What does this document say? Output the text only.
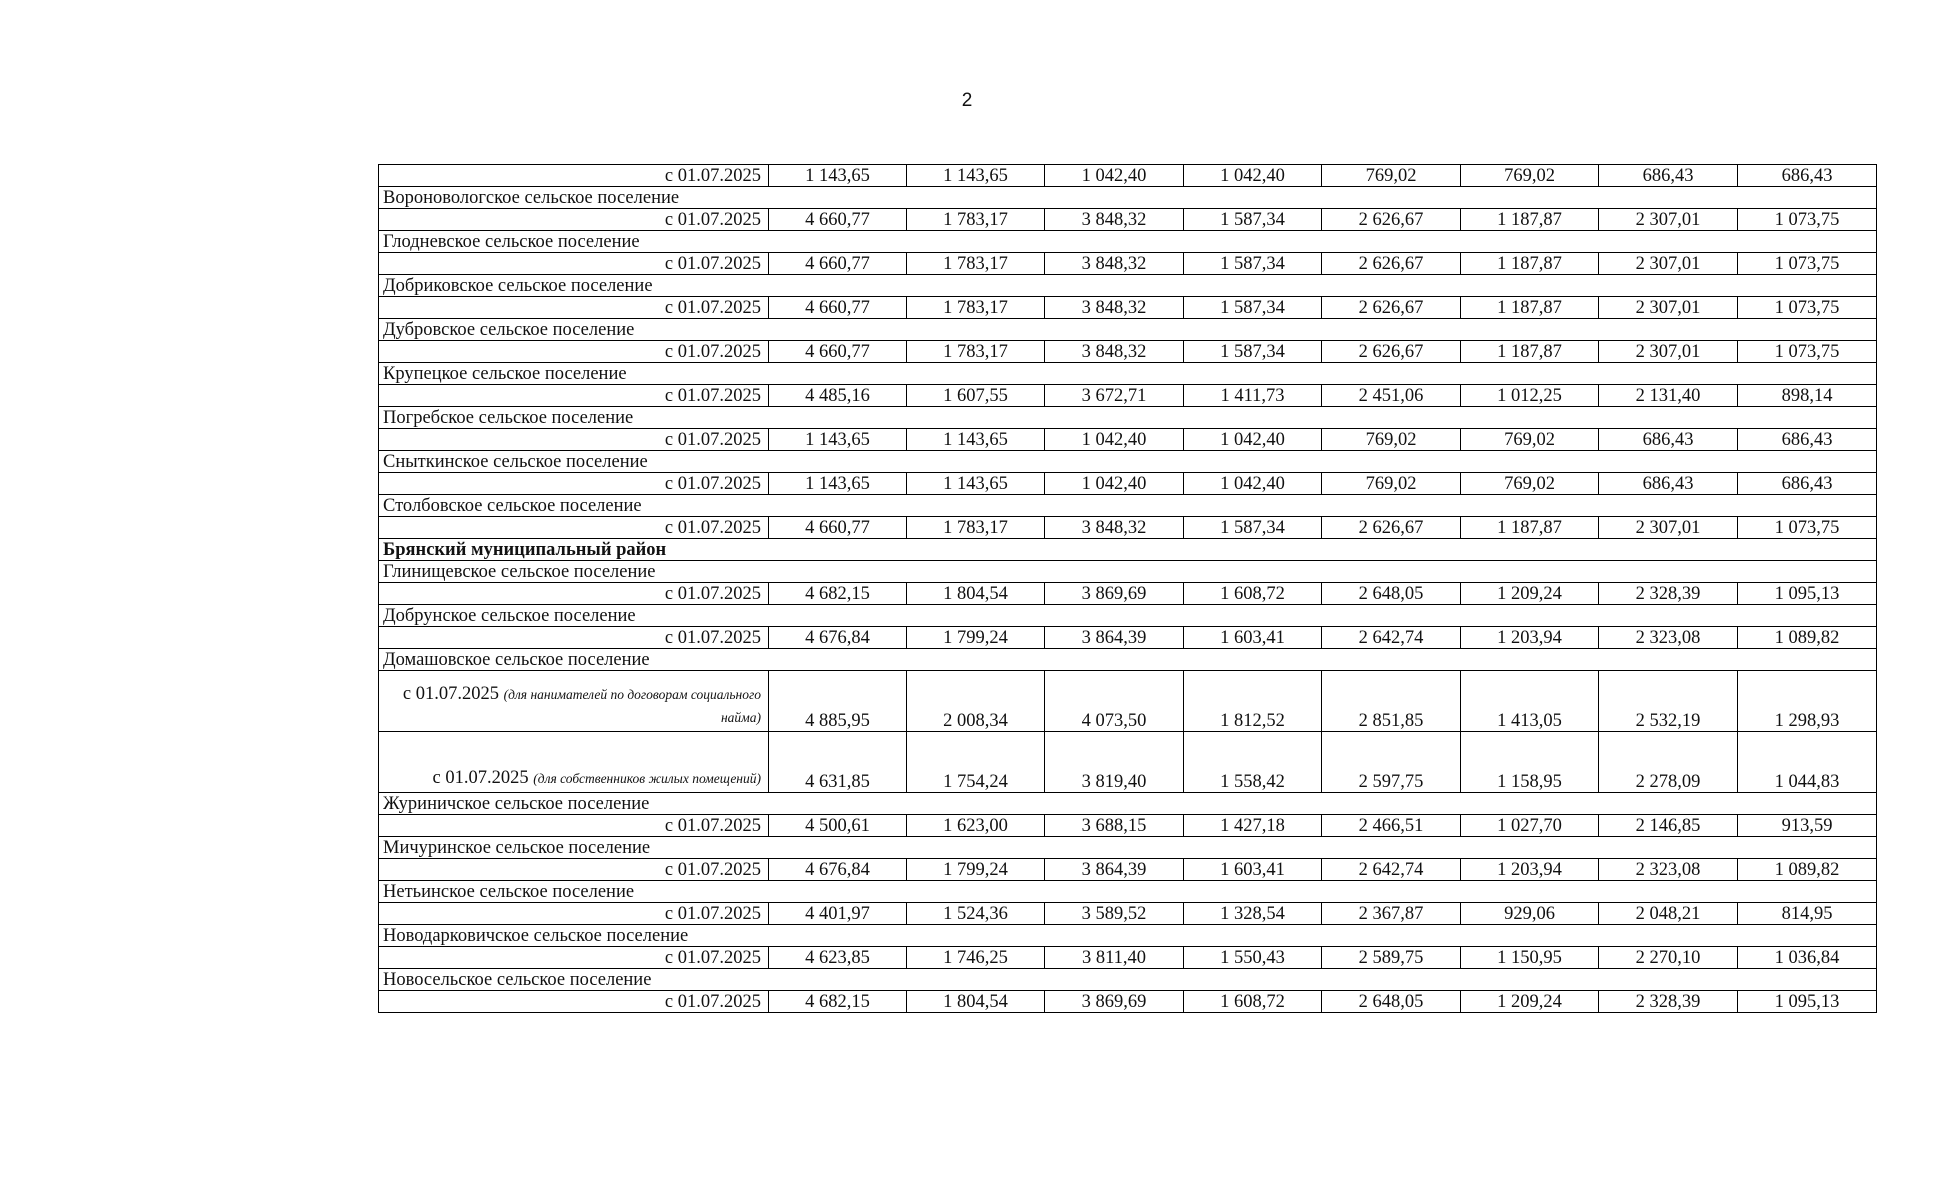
2
с 01.07.2025	1 143,65	1 143,65	1 042,40	1 042,40	769,02	769,02	686,43	686,43
Вороновологское сельское поселение								
с 01.07.2025	4 660,77	1 783,17	3 848,32	1 587,34	2 626,67	1 187,87	2 307,01	1 073,75
Глодневское сельское поселение								
с 01.07.2025	4 660,77	1 783,17	3 848,32	1 587,34	2 626,67	1 187,87	2 307,01	1 073,75
Добриковское сельское поселение								
с 01.07.2025	4 660,77	1 783,17	3 848,32	1 587,34	2 626,67	1 187,87	2 307,01	1 073,75
Дубровское сельское поселение								
с 01.07.2025	4 660,77	1 783,17	3 848,32	1 587,34	2 626,67	1 187,87	2 307,01	1 073,75
Крупецкое сельское поселение								
с 01.07.2025	4 485,16	1 607,55	3 672,71	1 411,73	2 451,06	1 012,25	2 131,40	898,14
Погребское сельское поселение								
с 01.07.2025	1 143,65	1 143,65	1 042,40	1 042,40	769,02	769,02	686,43	686,43
Сныткинское сельское поселение								
с 01.07.2025	1 143,65	1 143,65	1 042,40	1 042,40	769,02	769,02	686,43	686,43
Столбовское сельское поселение								
с 01.07.2025	4 660,77	1 783,17	3 848,32	1 587,34	2 626,67	1 187,87	2 307,01	1 073,75
Брянский муниципальный район								
Глинищевское сельское поселение								
с 01.07.2025	4 682,15	1 804,54	3 869,69	1 608,72	2 648,05	1 209,24	2 328,39	1 095,13
Добрунское сельское поселение								
с 01.07.2025	4 676,84	1 799,24	3 864,39	1 603,41	2 642,74	1 203,94	2 323,08	1 089,82
Домашовское сельское поселение								
с 01.07.2025 (для нанимателей по договорам социального найма)	4 885,95	2 008,34	4 073,50	1 812,52	2 851,85	1 413,05	2 532,19	1 298,93
с 01.07.2025 (для собственников жилых помещений)	4 631,85	1 754,24	3 819,40	1 558,42	2 597,75	1 158,95	2 278,09	1 044,83
Журиничское сельское поселение								
с 01.07.2025	4 500,61	1 623,00	3 688,15	1 427,18	2 466,51	1 027,70	2 146,85	913,59
Мичуринское сельское поселение								
с 01.07.2025	4 676,84	1 799,24	3 864,39	1 603,41	2 642,74	1 203,94	2 323,08	1 089,82
Нетьинское сельское поселение								
с 01.07.2025	4 401,97	1 524,36	3 589,52	1 328,54	2 367,87	929,06	2 048,21	814,95
Новодарковичское сельское поселение								
с 01.07.2025	4 623,85	1 746,25	3 811,40	1 550,43	2 589,75	1 150,95	2 270,10	1 036,84
Новосельское сельское поселение								
с 01.07.2025	4 682,15	1 804,54	3 869,69	1 608,72	2 648,05	1 209,24	2 328,39	1 095,13
